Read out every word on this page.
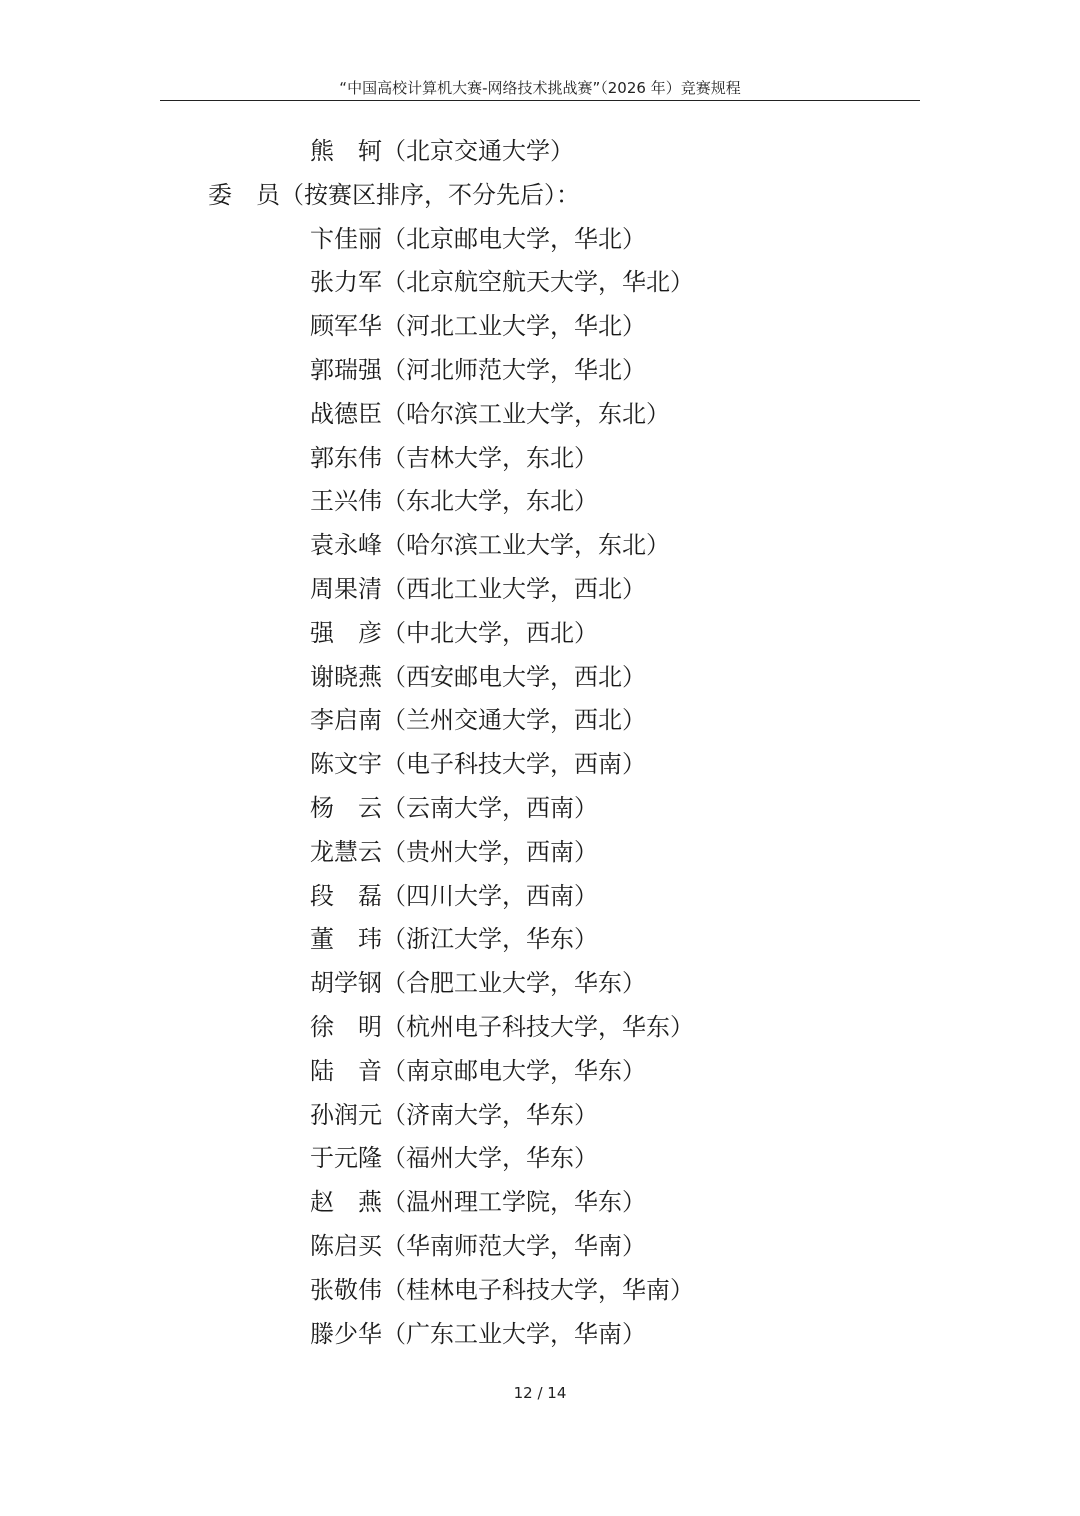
“中国高校计算机大赛-网络技术挑战赛”（2026 年）竞赛规程
熊　轲（北京交通大学）
委　员（按赛区排序，不分先后）：
卞佳丽（北京邮电大学，华北）
张力军（北京航空航天大学，华北）
顾军华（河北工业大学，华北）
郭瑞强（河北师范大学，华北）
战德臣（哈尔滨工业大学，东北）
郭东伟（吉林大学，东北）
王兴伟（东北大学，东北）
袁永峰（哈尔滨工业大学，东北）
周果清（西北工业大学，西北）
强　彦（中北大学，西北）
谢晓燕（西安邮电大学，西北）
李启南（兰州交通大学，西北）
陈文宇（电子科技大学，西南）
杨　云（云南大学，西南）
龙慧云（贵州大学，西南）
段　磊（四川大学，西南）
董　玮（浙江大学，华东）
胡学钢（合肥工业大学，华东）
徐　明（杭州电子科技大学，华东）
陆　音（南京邮电大学，华东）
孙润元（济南大学，华东）
于元隆（福州大学，华东）
赵　燕（温州理工学院，华东）
陈启买（华南师范大学，华南）
张敬伟（桂林电子科技大学，华南）
滕少华（广东工业大学，华南）
12 / 14
